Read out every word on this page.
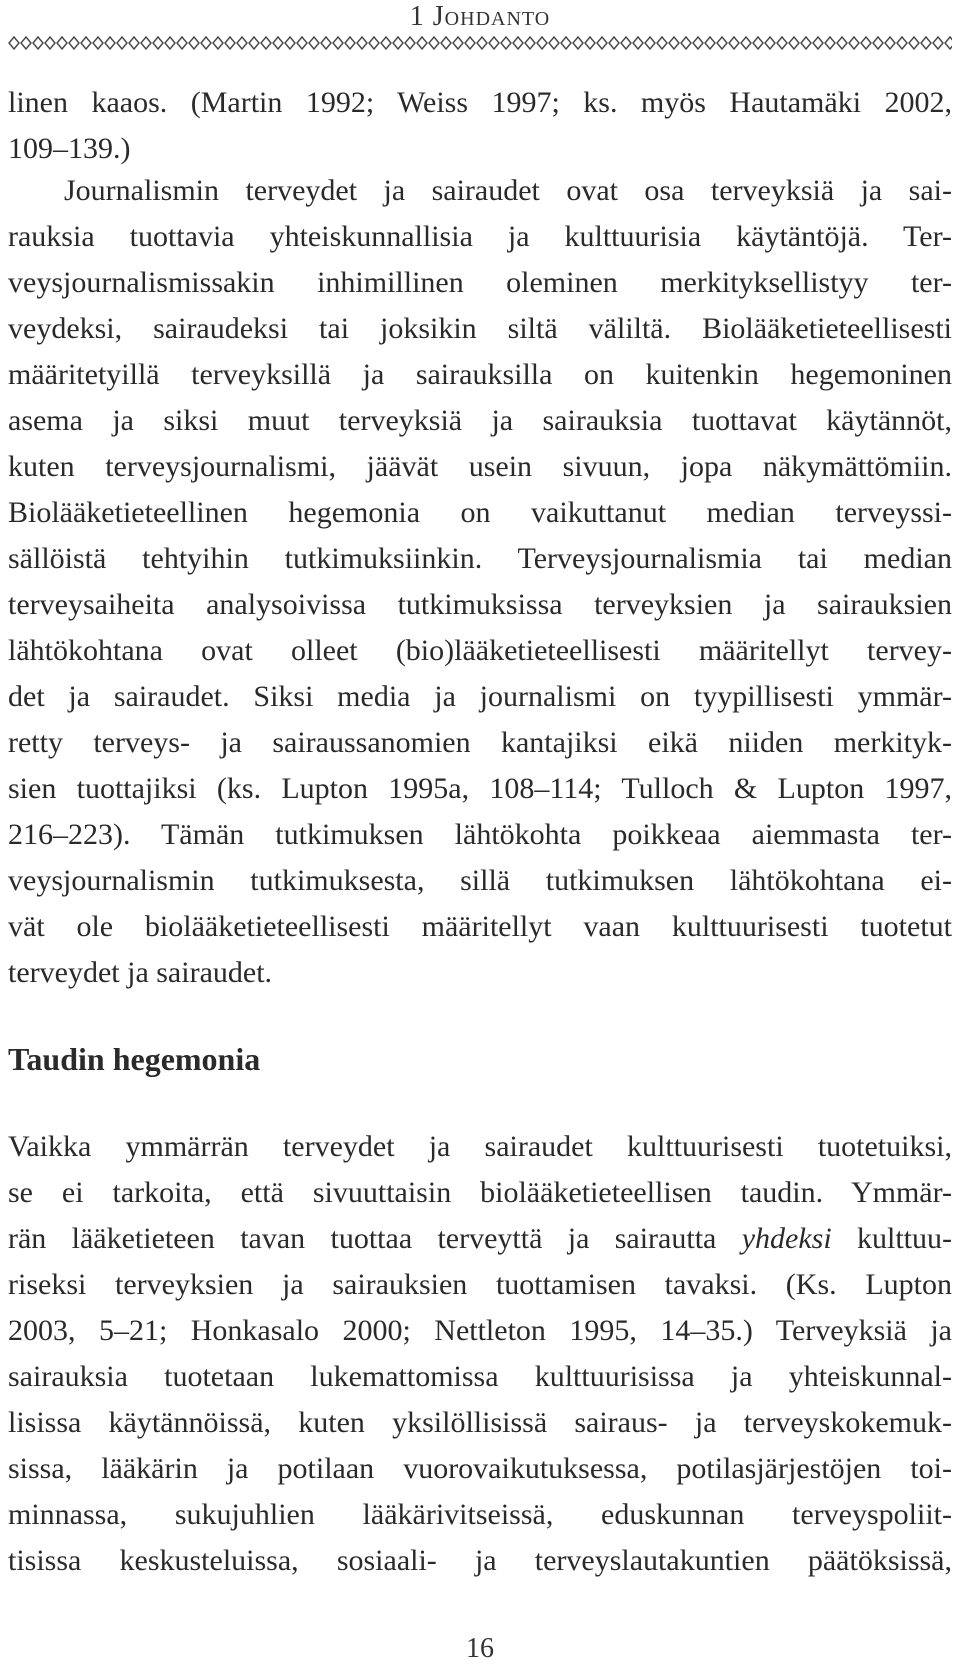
1 Johdanto
linen kaaos. (Martin 1992; Weiss 1997; ks. myös Hautamäki 2002,
109–139.)
Journalismin terveydet ja sairaudet ovat osa terveyksiä ja sai-
rauksia tuottavia yhteiskunnallisia ja kulttuurisia käytäntöjä. Ter-
veysjournalismissakin inhimillinen oleminen merkityksellistyy ter-
veydeksi, sairaudeksi tai joksikin siltä väliltä. Biolääketieteellisesti
määritetyillä terveyksillä ja sairauksilla on kuitenkin hegemoninen
asema ja siksi muut terveyksiä ja sairauksia tuottavat käytännöt,
kuten terveysjournalismi, jäävät usein sivuun, jopa näkymättömiin.
Biolääketieteellinen hegemonia on vaikuttanut median terveyssi-
sällöistä tehtyihin tutkimuksiinkin. Terveysjournalismia tai median
terveysaiheita analysoivissa tutkimuksissa terveyksien ja sairauksien
lähtökohtana ovat olleet (bio)lääketieteellisesti määritellyt tervey-
det ja sairaudet. Siksi media ja journalismi on tyypillisesti ymmär-
retty terveys- ja sairaussanomien kantajiksi eikä niiden merkityk-
sien tuottajiksi (ks. Lupton 1995a, 108–114; Tulloch & Lupton 1997,
216–223). Tämän tutkimuksen lähtökohta poikkeaa aiemmasta ter-
veysjournalismin tutkimuksesta, sillä tutkimuksen lähtökohtana ei-
vät ole biolääketieteellisesti määritellyt vaan kulttuurisesti tuotetut
terveydet ja sairaudet.
Taudin hegemonia
Vaikka ymmärrän terveydet ja sairaudet kulttuurisesti tuotetuiksi,
se ei tarkoita, että sivuuttaisin biolääketieteellisen taudin. Ymmär-
rän lääketieteen tavan tuottaa terveyttä ja sairautta yhdeksi kulttuu-
riseksi terveyksien ja sairauksien tuottamisen tavaksi. (Ks. Lupton
2003, 5–21; Honkasalo 2000; Nettleton 1995, 14–35.) Terveyksiä ja
sairauksia tuotetaan lukemattomissa kulttuurisissa ja yhteiskunnal-
lisissa käytännöissä, kuten yksilöllisissä sairaus- ja terveyskokemuk-
sissa, lääkärin ja potilaan vuorovaikutuksessa, potilasjärjestöjen toi-
minnassa, sukujuhlien lääkärivitseissä, eduskunnan terveyspoliit-
tisissa keskusteluissa, sosiaali- ja terveyslautakuntien päätöksissä,
16
